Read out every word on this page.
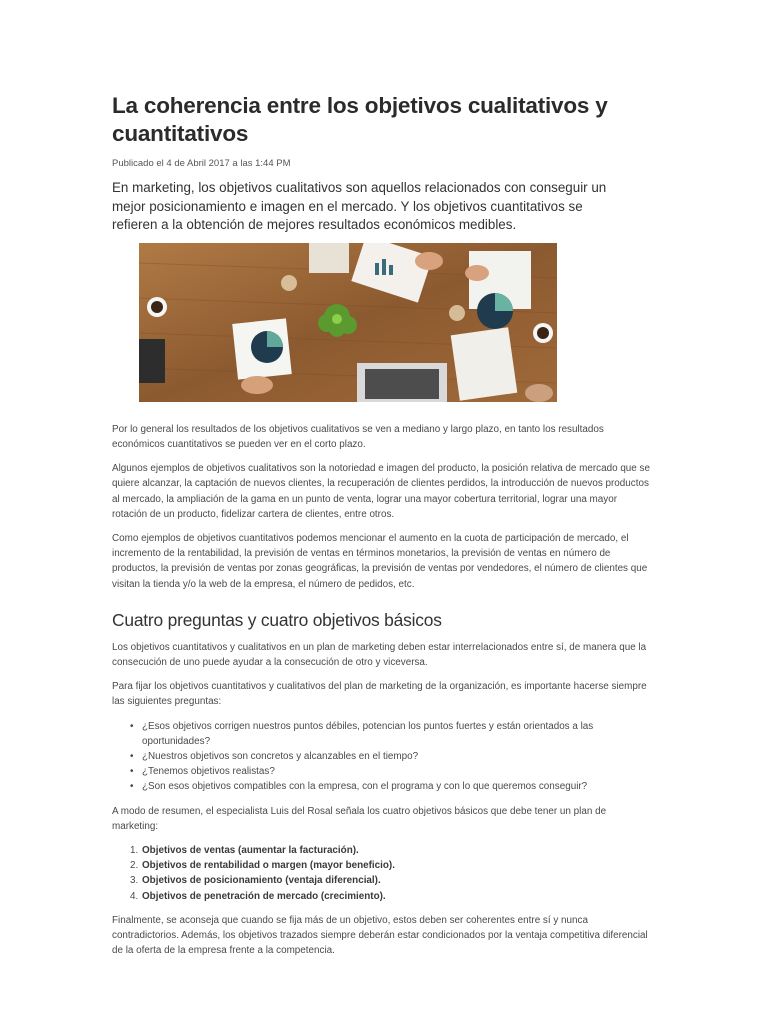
La coherencia entre los objetivos cualitativos y cuantitativos
Publicado el 4 de Abril 2017 a las 1:44 PM

En marketing, los objetivos cualitativos son aquellos relacionados con conseguir un mejor posicionamiento e imagen en el mercado. Y los objetivos cuantitativos se refieren a la obtención de mejores resultados económicos medibles.

Por lo general los resultados de los objetivos cualitativos se ven a mediano y largo plazo, en tanto los resultados económicos cuantitativos se pueden ver en el corto plazo.

Algunos ejemplos de objetivos cualitativos son la notoriedad e imagen del producto, la posición relativa de mercado que se quiere alcanzar, la captación de nuevos clientes, la recuperación de clientes perdidos, la introducción de nuevos productos al mercado, la ampliación de la gama en un punto de venta, lograr una mayor cobertura territorial, lograr una mayor rotación de un producto, fidelizar cartera de clientes, entre otros.

Como ejemplos de objetivos cuantitativos podemos mencionar el aumento en la cuota de participación de mercado, el incremento de la rentabilidad, la previsión de ventas en términos monetarios, la previsión de ventas en número de productos, la previsión de ventas por zonas geográficas, la previsión de ventas por vendedores, el número de clientes que visitan la tienda y/o la web de la empresa, el número de pedidos, etc.

Cuatro preguntas y cuatro objetivos básicos

Los objetivos cuantitativos y cualitativos en un plan de marketing deben estar interrelacionados entre sí, de manera que la consecución de uno puede ayudar a la consecución de otro y viceversa.

Para fijar los objetivos cuantitativos y cualitativos del plan de marketing de la organización, es importante hacerse siempre las siguientes preguntas:

• ¿Esos objetivos corrigen nuestros puntos débiles, potencian los puntos fuertes y están orientados a las oportunidades?
• ¿Nuestros objetivos son concretos y alcanzables en el tiempo?
• ¿Tenemos objetivos realistas?
• ¿Son esos objetivos compatibles con la empresa, con el programa y con lo que queremos conseguir?

A modo de resumen, el especialista Luis del Rosal señala los cuatro objetivos básicos que debe tener un plan de marketing:

1. Objetivos de ventas (aumentar la facturación).
2. Objetivos de rentabilidad o margen (mayor beneficio).
3. Objetivos de posicionamiento (ventaja diferencial).
4. Objetivos de penetración de mercado (crecimiento).

Finalmente, se aconseja que cuando se fija más de un objetivo, estos deben ser coherentes entre sí y nunca contradictorios. Además, los objetivos trazados siempre deberán estar condicionados por la ventaja competitiva diferencial de la oferta de la empresa frente a la competencia.
